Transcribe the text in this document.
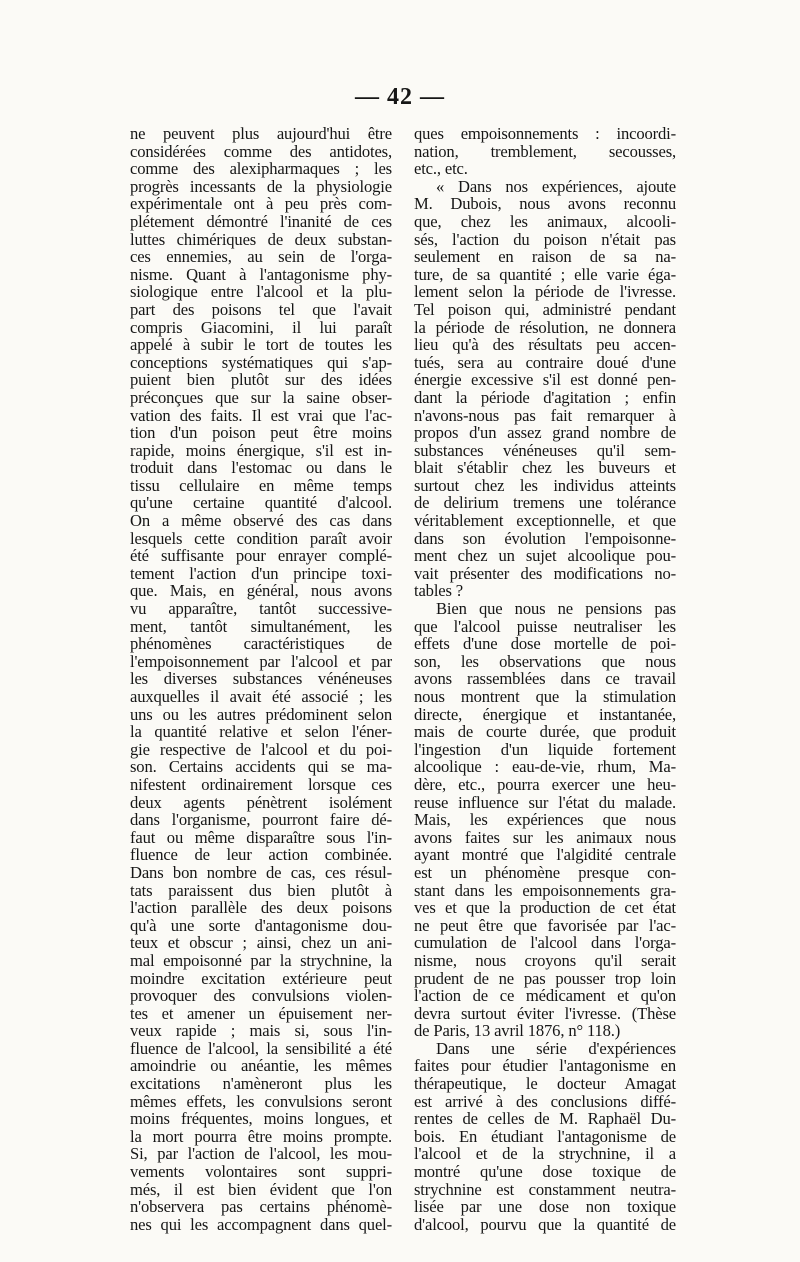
— 42 —
ne peuvent plus aujourd'hui être
considérées comme des antidotes,
comme des alexipharmaques ; les
progrès incessants de la physiologie
expérimentale ont à peu près com-
plétement démontré l'inanité de ces
luttes chimériques de deux substan-
ces ennemies, au sein de l'orga-
nisme. Quant à l'antagonisme phy-
siologique entre l'alcool et la plu-
part des poisons tel que l'avait
compris Giacomini, il lui paraît
appelé à subir le tort de toutes les
conceptions systématiques qui s'ap-
puient bien plutôt sur des idées
préconçues que sur la saine obser-
vation des faits. Il est vrai que l'ac-
tion d'un poison peut être moins
rapide, moins énergique, s'il est in-
troduit dans l'estomac ou dans le
tissu cellulaire en même temps
qu'une certaine quantité d'alcool.
On a même observé des cas dans
lesquels cette condition paraît avoir
été suffisante pour enrayer complé-
tement l'action d'un principe toxi-
que. Mais, en général, nous avons
vu apparaître, tantôt successive-
ment, tantôt simultanément, les
phénomènes caractéristiques de
l'empoisonnement par l'alcool et par
les diverses substances vénéneuses
auxquelles il avait été associé ; les
uns ou les autres prédominent selon
la quantité relative et selon l'éner-
gie respective de l'alcool et du poi-
son. Certains accidents qui se ma-
nifestent ordinairement lorsque ces
deux agents pénètrent isolément
dans l'organisme, pourront faire dé-
faut ou même disparaître sous l'in-
fluence de leur action combinée.
Dans bon nombre de cas, ces résul-
tats paraissent dus bien plutôt à
l'action parallèle des deux poisons
qu'à une sorte d'antagonisme dou-
teux et obscur ; ainsi, chez un ani-
mal empoisonné par la strychnine, la
moindre excitation extérieure peut
provoquer des convulsions violen-
tes et amener un épuisement ner-
veux rapide ; mais si, sous l'in-
fluence de l'alcool, la sensibilité a été
amoindrie ou anéantie, les mêmes
excitations n'amèneront plus les
mêmes effets, les convulsions seront
moins fréquentes, moins longues, et
la mort pourra être moins prompte.
Si, par l'action de l'alcool, les mou-
vements volontaires sont suppri-
més, il est bien évident que l'on
n'observera pas certains phénomè-
nes qui les accompagnent dans quel-
ques empoisonnements : incoordi-
nation, tremblement, secousses,
etc., etc.
« Dans nos expériences, ajoute
M. Dubois, nous avons reconnu
que, chez les animaux, alcooli-
sés, l'action du poison n'était pas
seulement en raison de sa na-
ture, de sa quantité ; elle varie éga-
lement selon la période de l'ivresse.
Tel poison qui, administré pendant
la période de résolution, ne donnera
lieu qu'à des résultats peu accen-
tués, sera au contraire doué d'une
énergie excessive s'il est donné pen-
dant la période d'agitation ; enfin
n'avons-nous pas fait remarquer à
propos d'un assez grand nombre de
substances vénéneuses qu'il sem-
blait s'établir chez les buveurs et
surtout chez les individus atteints
de delirium tremens une tolérance
véritablement exceptionnelle, et que
dans son évolution l'empoisonne-
ment chez un sujet alcoolique pou-
vait présenter des modifications no-
tables ?
Bien que nous ne pensions pas
que l'alcool puisse neutraliser les
effets d'une dose mortelle de poi-
son, les observations que nous
avons rassemblées dans ce travail
nous montrent que la stimulation
directe, énergique et instantanée,
mais de courte durée, que produit
l'ingestion d'un liquide fortement
alcoolique : eau-de-vie, rhum, Ma-
dère, etc., pourra exercer une heu-
reuse influence sur l'état du malade.
Mais, les expériences que nous
avons faites sur les animaux nous
ayant montré que l'algidité centrale
est un phénomène presque con-
stant dans les empoisonnements gra-
ves et que la production de cet état
ne peut être que favorisée par l'ac-
cumulation de l'alcool dans l'orga-
nisme, nous croyons qu'il serait
prudent de ne pas pousser trop loin
l'action de ce médicament et qu'on
devra surtout éviter l'ivresse. (Thèse
de Paris, 13 avril 1876, n° 118.)
Dans une série d'expériences
faites pour étudier l'antagonisme en
thérapeutique, le docteur Amagat
est arrivé à des conclusions diffé-
rentes de celles de M. Raphaël Du-
bois. En étudiant l'antagonisme de
l'alcool et de la strychnine, il a
montré qu'une dose toxique de
strychnine est constamment neutra-
lisée par une dose non toxique
d'alcool, pourvu que la quantité de
